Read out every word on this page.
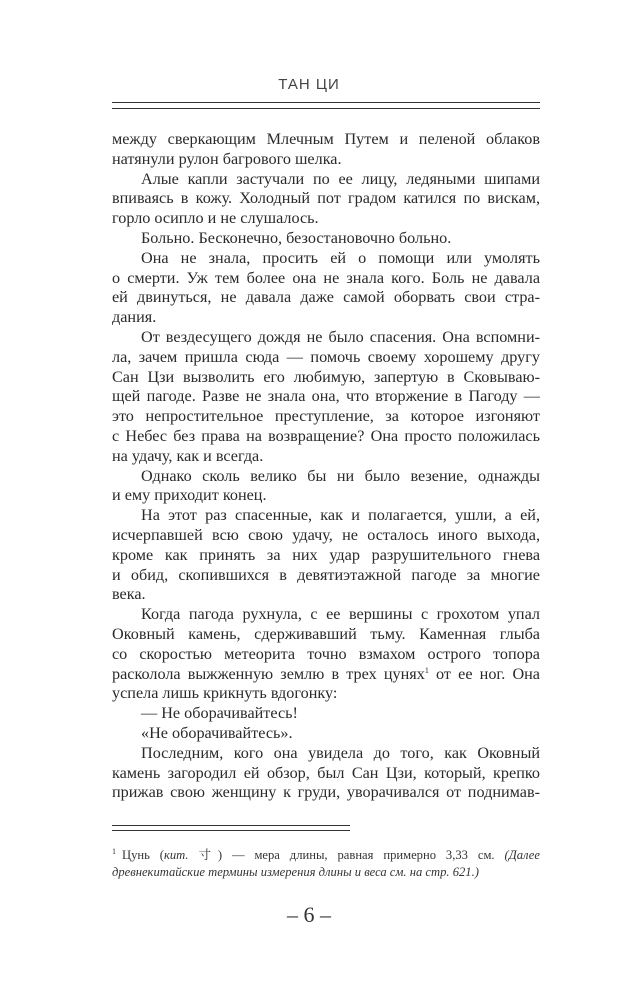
ТАН ЦИ
между сверкающим Млечным Путем и пеленой облаков
натянули рулон багрового шелка.
Алые капли застучали по ее лицу, ледяными шипами
впиваясь в кожу. Холодный пот градом катился по вискам,
горло осипло и не слушалось.
Больно. Бесконечно, безостановочно больно.
Она не знала, просить ей о помощи или умолять
о смерти. Уж тем более она не знала кого. Боль не давала
ей двинуться, не давала даже самой оборвать свои стра-
дания.
От вездесущего дождя не было спасения. Она вспомни-
ла, зачем пришла сюда — помочь своему хорошему другу
Сан Цзи вызволить его любимую, запертую в Сковываю-
щей пагоде. Разве не знала она, что вторжение в Пагоду —
это непростительное преступление, за которое изгоняют
с Небес без права на возвращение? Она просто положилась
на удачу, как и всегда.
Однако сколь велико бы ни было везение, однажды
и ему приходит конец.
На этот раз спасенные, как и полагается, ушли, а ей,
исчерпавшей всю свою удачу, не осталось иного выхода,
кроме как принять за них удар разрушительного гнева
и обид, скопившихся в девятиэтажной пагоде за многие
века.
Когда пагода рухнула, с ее вершины с грохотом упал
Оковный камень, сдерживавший тьму. Каменная глыба
со скоростью метеорита точно взмахом острого топора
расколола выжженную землю в трех цунях$^1$ от ее ног. Она
успела лишь крикнуть вдогонку:
— Не оборачивайтесь!
«Не оборачивайтесь».
Последним, кого она увидела до того, как Оковный
камень загородил ей обзор, был Сан Цзи, который, крепко
прижав свою женщину к груди, уворачивался от поднимав-
$^1$ Цунь (кит. 寸) — мера длины, равная примерно 3,33 см. (Далее
древнекитайские термины измерения длины и веса см. на стр. 621.)
– 6 –
